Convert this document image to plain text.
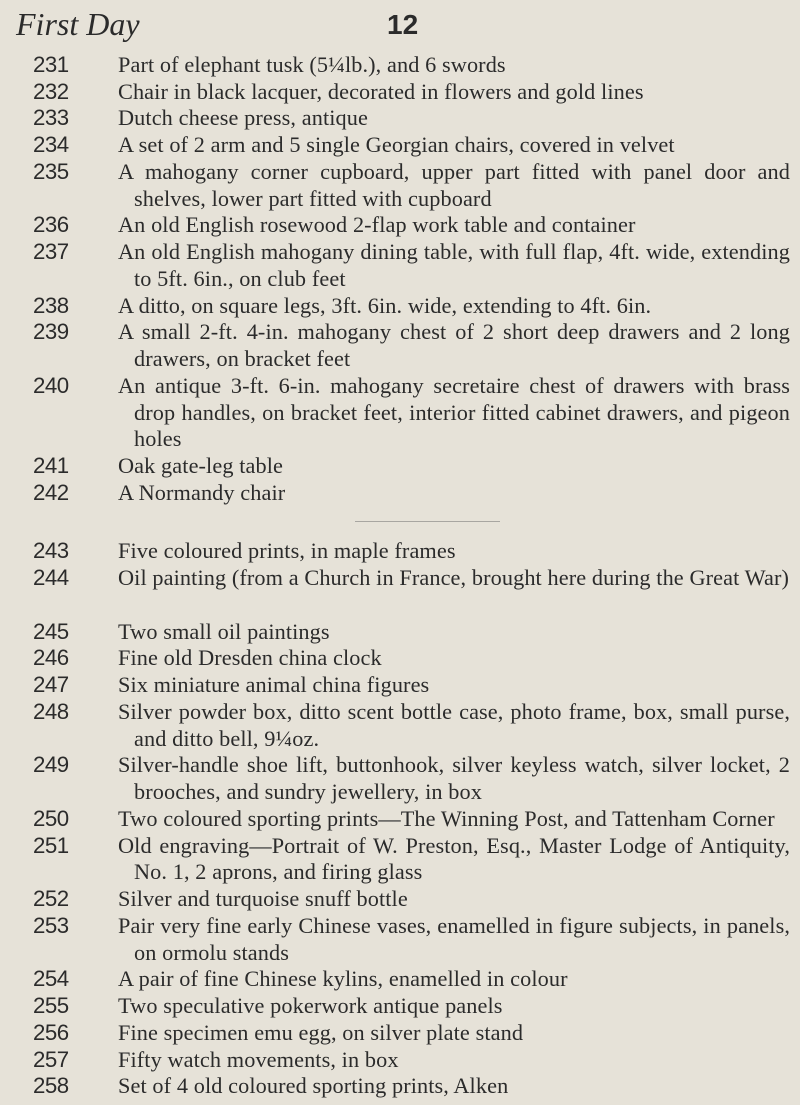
First Day	12
231	Part of elephant tusk (5¼lb.), and 6 swords
232	Chair in black lacquer, decorated in flowers and gold lines
233	Dutch cheese press, antique
234	A set of 2 arm and 5 single Georgian chairs, covered in velvet
235	A mahogany corner cupboard, upper part fitted with panel door and shelves, lower part fitted with cupboard
236	An old English rosewood 2-flap work table and container
237	An old English mahogany dining table, with full flap, 4ft. wide, extending to 5ft. 6in., on club feet
238	A ditto, on square legs, 3ft. 6in. wide, extending to 4ft. 6in.
239	A small 2-ft. 4-in. mahogany chest of 2 short deep drawers and 2 long drawers, on bracket feet
240	An antique 3-ft. 6-in. mahogany secretaire chest of drawers with brass drop handles, on bracket feet, interior fitted cabinet drawers, and pigeon holes
241	Oak gate-leg table
242	A Normandy chair
243	Five coloured prints, in maple frames
244	Oil painting (from a Church in France, brought here during the Great War)
245	Two small oil paintings
246	Fine old Dresden china clock
247	Six miniature animal china figures
248	Silver powder box, ditto scent bottle case, photo frame, box, small purse, and ditto bell, 9¼oz.
249	Silver-handle shoe lift, buttonhook, silver keyless watch, silver locket, 2 brooches, and sundry jewellery, in box
250	Two coloured sporting prints—The Winning Post, and Tattenham Corner
251	Old engraving—Portrait of W. Preston, Esq., Master Lodge of Antiquity, No. 1, 2 aprons, and firing glass
252	Silver and turquoise snuff bottle
253	Pair very fine early Chinese vases, enamelled in figure subjects, in panels, on ormolu stands
254	A pair of fine Chinese kylins, enamelled in colour
255	Two speculative pokerwork antique panels
256	Fine specimen emu egg, on silver plate stand
257	Fifty watch movements, in box
258	Set of 4 old coloured sporting prints, Alken
